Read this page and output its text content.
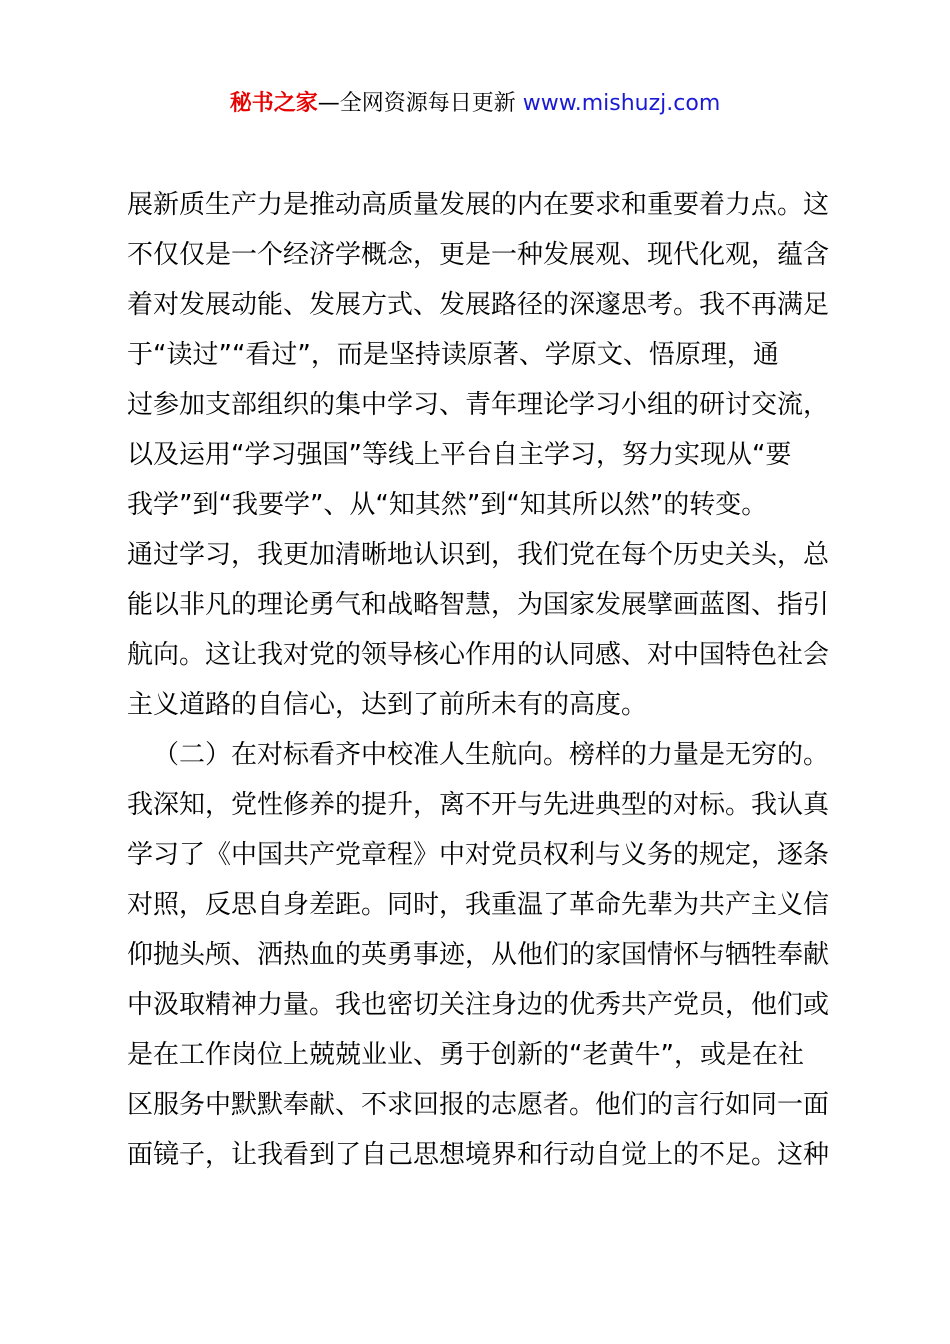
秘书之家—全网资源每日更新 www.mishuzj.com
展新质生产力是推动高质量发展的内在要求和重要着力点。这
不仅仅是一个经济学概念，更是一种发展观、现代化观，蕴含
着对发展动能、发展方式、发展路径的深邃思考。我不再满足
于“读过”“看过”，而是坚持读原著、学原文、悟原理，通
过参加支部组织的集中学习、青年理论学习小组的研讨交流，
以及运用“学习强国”等线上平台自主学习，努力实现从“要
我学”到“我要学”、从“知其然”到“知其所以然”的转变。
通过学习，我更加清晰地认识到，我们党在每个历史关头，总
能以非凡的理论勇气和战略智慧，为国家发展擘画蓝图、指引
航向。这让我对党的领导核心作用的认同感、对中国特色社会
主义道路的自信心，达到了前所未有的高度。
（二）在对标看齐中校准人生航向。榜样的力量是无穷的。
我深知，党性修养的提升，离不开与先进典型的对标。我认真
学习了《中国共产党章程》中对党员权利与义务的规定，逐条
对照，反思自身差距。同时，我重温了革命先辈为共产主义信
仰抛头颅、洒热血的英勇事迹，从他们的家国情怀与牺牲奉献
中汲取精神力量。我也密切关注身边的优秀共产党员，他们或
是在工作岗位上兢兢业业、勇于创新的“老黄牛”，或是在社
区服务中默默奉献、不求回报的志愿者。他们的言行如同一面
面镜子，让我看到了自己思想境界和行动自觉上的不足。这种
